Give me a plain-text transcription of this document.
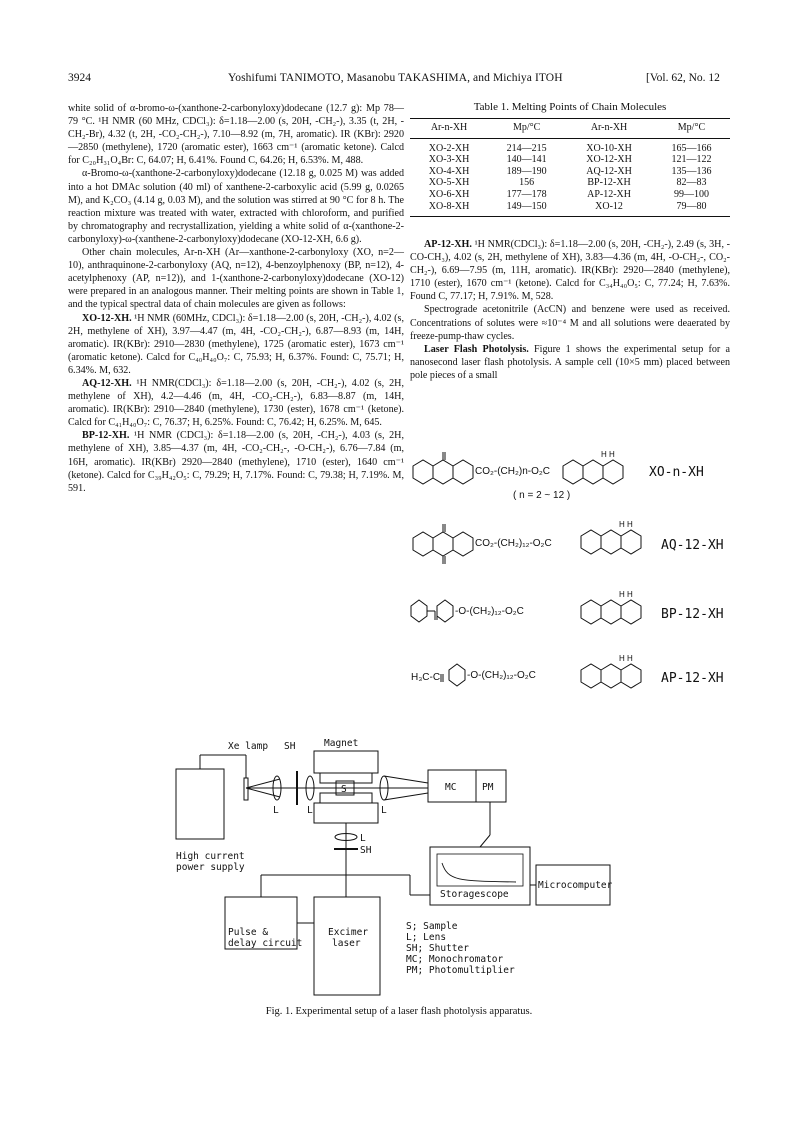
3924	Yoshifumi TANIMOTO, Masanobu TAKASHIMA, and Michiya ITOH	[Vol. 62, No. 12

white solid of α-bromo-ω-(xanthone-2-carbonyloxy)dodecane (12.7 g): Mp 78—79 °C. ¹H NMR (60 MHz, CDCl₃): δ=1.18—2.00 (s, 20H, -CH₂-), 3.35 (t, 2H, -CH₂-Br), 4.32 (t, 2H, -CO₂-CH₂-), 7.10—8.92 (m, 7H, aromatic). IR (KBr): 2920—2850 (methylene), 1720 (aromatic ester), 1663 cm⁻¹ (aromatic ketone). Calcd for C₂₀H₃₁O₄Br: C, 64.07; H, 6.41%. Found C, 64.26; H, 6.53%. M, 488.

α-Bromo-ω-(xanthone-2-carbonyloxy)dodecane (12.18 g, 0.025 M) was added into a hot DMAc solution (40 ml) of xanthene-2-carboxylic acid (5.99 g, 0.0265 M), and K₂CO₃ (4.14 g, 0.03 M), and the solution was stirred at 90 °C for 8 h. The reaction mixture was treated with water, extracted with chloroform, and purified by chromatography and recrystallization, yielding a white solid of α-(xanthone-2-carbonyloxy)-ω-(xanthene-2-carbonyloxy)dodecane (XO-12-XH, 6.6 g).

Other chain molecules, Ar-n-XH (Ar—xanthone-2-carbonyloxy (XO, n=2—10), anthraquinone-2-carbonyloxy (AQ, n=12), 4-benzoylphenoxy (BP, n=12), 4-acetylphenoxy (AP, n=12)), and 1-(xanthone-2-carbonyloxy)dodecane (XO-12) were prepared in an analogous manner. Their melting points are shown in Table 1, and the typical spectral data of chain molecules are given as follows:

XO-12-XH. ¹H NMR (60MHz, CDCl₃): δ=1.18—2.00 (s, 20H, -CH₂-), 4.02 (s, 2H, methylene of XH), 3.97—4.47 (m, 4H, -CO₂-CH₂-), 6.87—8.93 (m, 14H, aromatic). IR(KBr): 2910—2830 (methylene), 1725 (aromatic ester), 1673 cm⁻¹ (aromatic ketone). Calcd for C₄₀H₄₀O₇: C, 75.93; H, 6.37%. Found: C, 75.71; H, 6.34%. M, 632.

AQ-12-XH. ¹H NMR(CDCl₃): δ=1.18—2.00 (s, 20H, -CH₂-), 4.02 (s, 2H, methylene of XH), 4.2—4.46 (m, 4H, -CO₂-CH₂-), 6.83—8.87 (m, 14H, aromatic). IR(KBr): 2910—2840 (methylene), 1730 (ester), 1678 cm⁻¹ (ketone). Calcd for C₄₁H₄₀O₇: C, 76.37; H, 6.25%. Found: C, 76.42; H, 6.25%. M, 645.

BP-12-XH. ¹H NMR (CDCl₃): δ=1.18—2.00 (s, 20H, -CH₂-), 4.03 (s, 2H, methylene of XH), 3.85—4.37 (m, 4H, -CO₂-CH₂-, -O-CH₂-), 6.76—7.84 (m, 16H, aromatic). IR(KBr) 2920—2840 (methylene), 1710 (ester), 1640 cm⁻¹ (ketone). Calcd for C₃₉H₄₂O₅: C, 79.29; H, 7.17%. Found: C, 79.38; H, 7.19%. M, 591.

Table 1. Melting Points of Chain Molecules
Ar-n-XH	Mp/°C	Ar-n-XH	Mp/°C
XO-2-XH	214—215	XO-10-XH	165—166
XO-3-XH	140—141	XO-12-XH	121—122
XO-4-XH	189—190	AQ-12-XH	135—136
XO-5-XH	156	BP-12-XH	82—83
XO-6-XH	177—178	AP-12-XH	99—100
XO-8-XH	149—150	XO-12	79—80

AP-12-XH. ¹H NMR(CDCl₃): δ=1.18—2.00 (s, 20H, -CH₂-), 2.49 (s, 3H, -CO-CH₃), 4.02 (s, 2H, methylene of XH), 3.83—4.36 (m, 4H, -O-CH₂-, CO₂-CH₂-), 6.69—7.95 (m, 11H, aromatic). IR(KBr): 2920—2840 (methylene), 1710 (ester), 1670 cm⁻¹ (ketone). Calcd for C₃₄H₄₀O₅: C, 77.24; H, 7.63%. Found C, 77.17; H, 7.91%. M, 528.

Spectrograde acetonitrile (AcCN) and benzene were used as received. Concentrations of solutes were ≈10⁻⁴ M and all solutions were deaerated by freeze-pump-thaw cycles.

Laser Flash Photolysis. Figure 1 shows the experimental setup for a nanosecond laser flash photolysis. A sample cell (10×5 mm) placed between pole pieces of a small

CO₂-(CH₂)n-O₂C
H H
( n = 2 ~ 12 )
XO-n-XH
CO₂-(CH₂)₁₂-O₂C
H H
AQ-12-XH
-O-(CH₂)₁₂-O₂C
H H
BP-12-XH
H₃C-C	-O-(CH₂)₁₂-O₂C
H H
AP-12-XH
Xe lamp SH	Magnet
S
L	L	L
L
SH
MC	PM
High current
power supply
Storagescope
Microcomputer
Pulse &
delay circuit
Excimer
laser
S; Sample
L; Lens
SH; Shutter
MC; Monochromator
PM; Photomultiplier
Fig. 1. Experimental setup of a laser flash photolysis apparatus.
